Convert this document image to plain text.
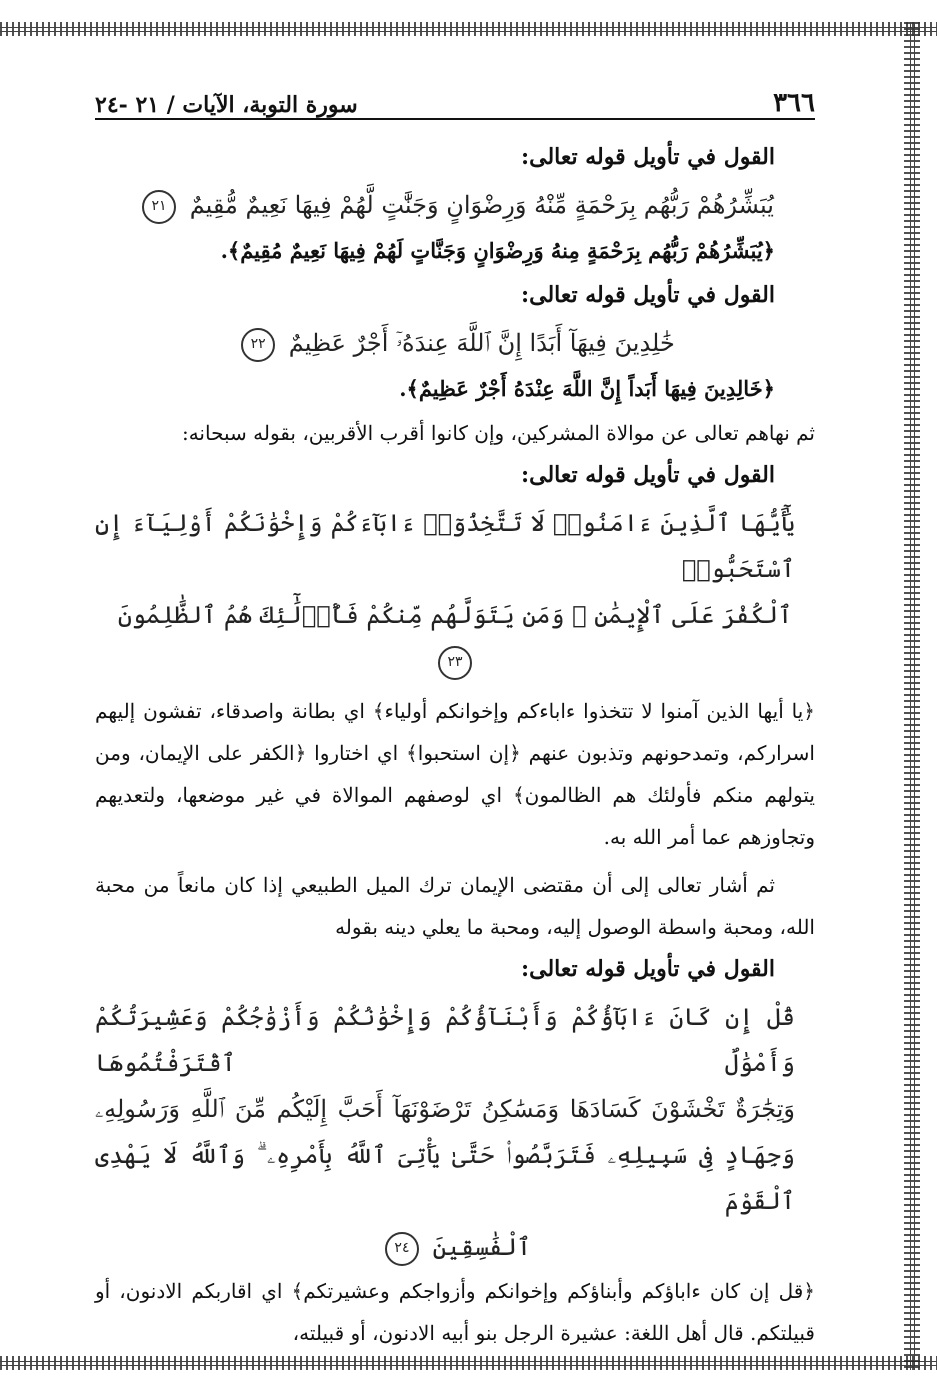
٣٦٦
سورة التوبة، الآيات / ٢١ -٢٤
القول في تأويل قوله تعالى:
يُبَشِّرُهُمْ رَبُّهُم بِرَحْمَةٍ مِّنْهُ وَرِضْوَانٍ وَجَنَّٰتٍ لَّهُمْ فِيهَا نَعِيمٌ مُّقِيمٌ ٢١
﴿يُبَشِّرُهُمْ رَبُّهُم بِرَحْمَةٍ مِنهُ وَرِضْوَانٍ وَجَنَّاتٍ لَهُمْ فِيهَا نَعِيمٌ مُقِيمٌ﴾.
القول في تأويل قوله تعالى:
خَٰلِدِينَ فِيهَآ أَبَدًا إِنَّ ٱللَّهَ عِندَهُۥٓ أَجْرٌ عَظِيمٌ ٢٢
﴿خَالِدِينَ فِيهَا أَبَداً إِنَّ اللَّهَ عِنْدَهُ أَجْرٌ عَظِيمٌ﴾.
ثم نهاهم تعالى عن موالاة المشركين، وإن كانوا أقرب الأقربين، بقوله سبحانه:
القول في تأويل قوله تعالى:
يَٰٓأَيُّهَا ٱلَّذِينَ ءَامَنُوا۟ لَا تَتَّخِذُوٓا۟ ءَابَآءَكُمْ وَإِخْوَٰنَكُمْ أَوْلِيَآءَ إِنِ ٱسْتَحَبُّوا۟
ٱلْكُفْرَ عَلَى ٱلْإِيمَٰنِ ۚ وَمَن يَتَوَلَّهُم مِّنكُمْ فَأُو۟لَٰٓئِكَ هُمُ ٱلظَّٰلِمُونَ ٢٣
﴿يا أيها الذين آمنوا لا تتخذوا ءاباءكم وإخوانكم أولياء﴾ اي بطانة واصدقاء، تفشون إليهم اسراركم، وتمدحونهم وتذبون عنهم ﴿إن استحبوا﴾ اي اختاروا ﴿الكفر على الإيمان، ومن يتولهم منكم فأولئك هم الظالمون﴾ اي لوصفهم الموالاة في غير موضعها، ولتعديهم وتجاوزهم عما أمر الله به.
ثم أشار تعالى إلى أن مقتضى الإيمان ترك الميل الطبيعي إذا كان مانعاً من محبة الله، ومحبة واسطة الوصول إليه، ومحبة ما يعلي دينه بقوله
القول في تأويل قوله تعالى:
قُلْ إِن كَانَ ءَابَآؤُكُمْ وَأَبْنَآؤُكُمْ وَإِخْوَٰنُكُمْ وَأَزْوَٰجُكُمْ وَعَشِيرَتُكُمْ وَأَمْوَٰلٌ ٱقْتَرَفْتُمُوهَا
وَتِجَٰرَةٌ تَخْشَوْنَ كَسَادَهَا وَمَسَٰكِنُ تَرْضَوْنَهَآ أَحَبَّ إِلَيْكُم مِّنَ ٱللَّهِ وَرَسُولِهِۦ
وَجِهَادٍ فِى سَبِيلِهِۦ فَتَرَبَّصُوا۟ حَتَّىٰ يَأْتِىَ ٱللَّهُ بِأَمْرِهِۦ ۗ وَٱللَّهُ لَا يَهْدِى ٱلْقَوْمَ
ٱلْفَٰسِقِينَ ٢٤
﴿قل إن كان ءاباؤكم وأبناؤكم وإخوانكم وأزواجكم وعشيرتكم﴾ اي اقاربكم الادنون، أو قبيلتكم. قال أهل اللغة: عشيرة الرجل بنو أبيه الادنون، أو قبيلته،
